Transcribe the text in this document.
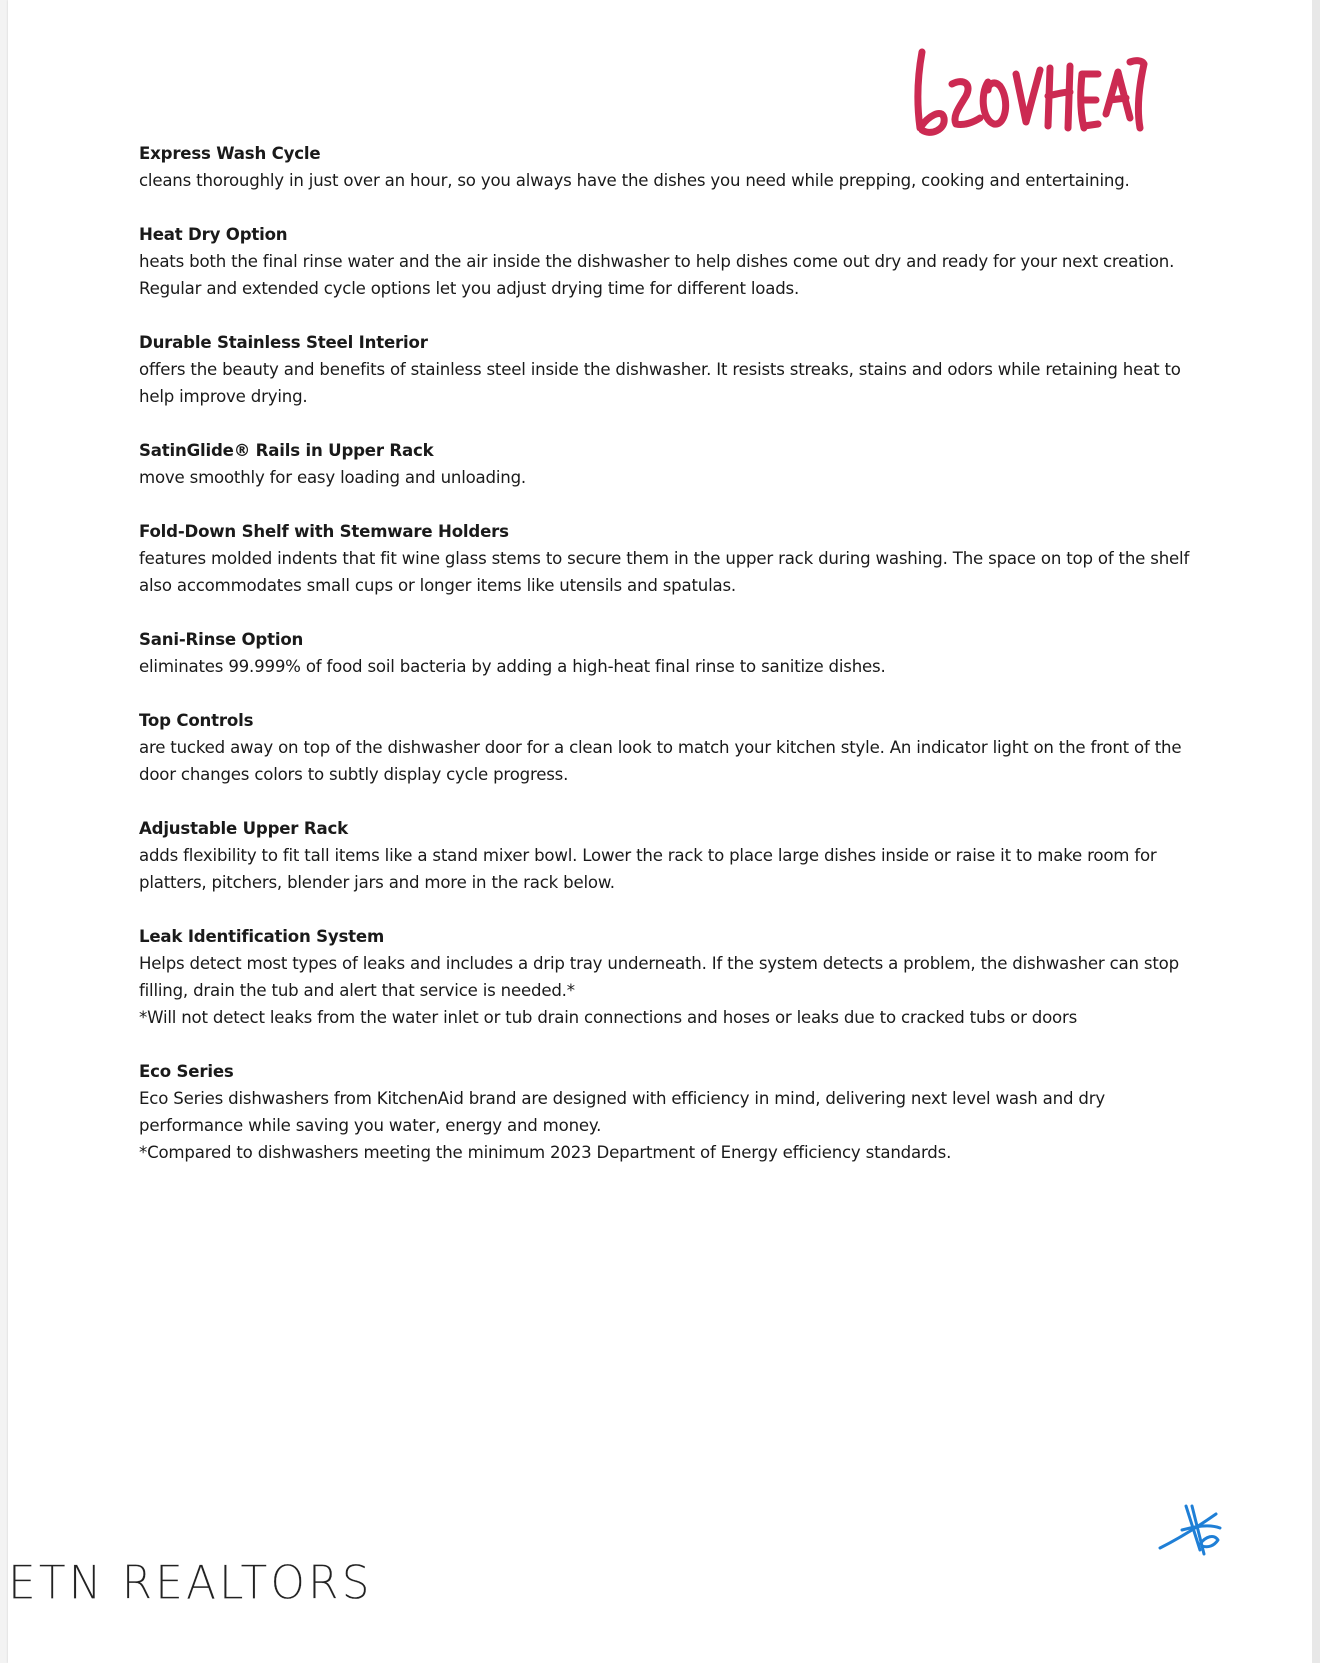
Express Wash Cycle

cleans thoroughly in just over an hour, so you always have the dishes you need while prepping, cooking and entertaining.

Heat Dry Option

heats both the final rinse water and the air inside the dishwasher to help dishes come out dry and ready for your next creation. Regular and extended cycle options let you adjust drying time for different loads.

Durable Stainless Steel Interior

offers the beauty and benefits of stainless steel inside the dishwasher. It resists streaks, stains and odors while retaining heat to help improve drying.

SatinGlide® Rails in Upper Rack

move smoothly for easy loading and unloading.

Fold-Down Shelf with Stemware Holders

features molded indents that fit wine glass stems to secure them in the upper rack during washing. The space on top of the shelf also accommodates small cups or longer items like utensils and spatulas.

Sani-Rinse Option

eliminates 99.999% of food soil bacteria by adding a high-heat final rinse to sanitize dishes.

Top Controls

are tucked away on top of the dishwasher door for a clean look to match your kitchen style. An indicator light on the front of the door changes colors to subtly display cycle progress.

Adjustable Upper Rack

adds flexibility to fit tall items like a stand mixer bowl. Lower the rack to place large dishes inside or raise it to make room for platters, pitchers, blender jars and more in the rack below.

Leak Identification System

Helps detect most types of leaks and includes a drip tray underneath. If the system detects a problem, the dishwasher can stop filling, drain the tub and alert that service is needed.*

*Will not detect leaks from the water inlet or tub drain connections and hoses or leaks due to cracked tubs or doors

Eco Series

Eco Series dishwashers from KitchenAid brand are designed with efficiency in mind, delivering next level wash and dry performance while saving you water, energy and money.

*Compared to dishwashers meeting the minimum 2023 Department of Energy efficiency standards.

ETN REALTORS
